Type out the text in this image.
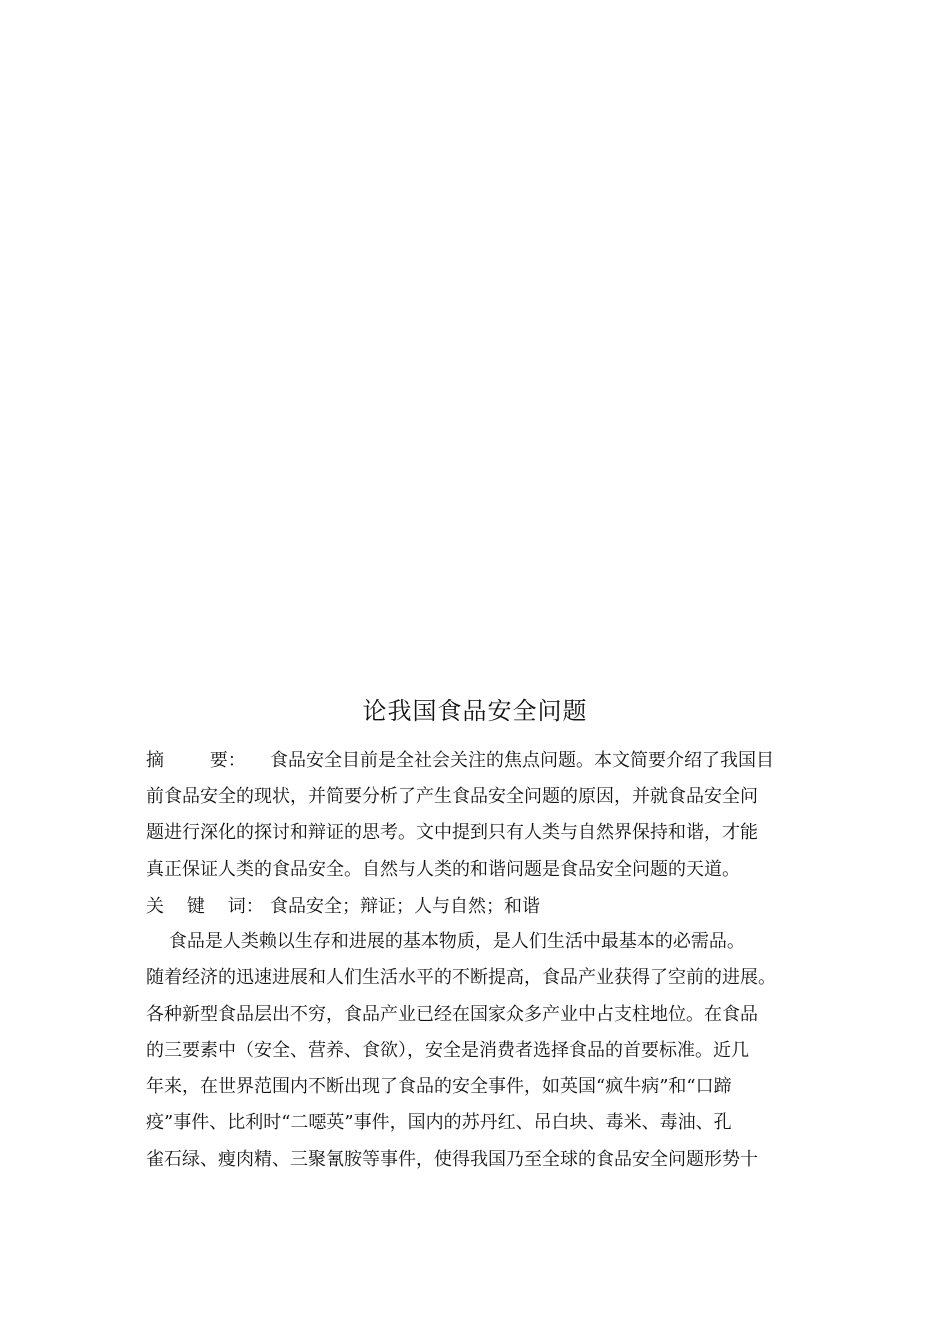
论我国食品安全问题
摘        要： 食品安全目前是全社会关注的焦点问题。本文简要介绍了我国目
前食品安全的现状，并简要分析了产生食品安全问题的原因，并就食品安全问
题进行深化的探讨和辩证的思考。文中提到只有人类与自然界保持和谐，才能
真正保证人类的食品安全。自然与人类的和谐问题是食品安全问题的天道。
关    键    词： 食品安全；辩证；人与自然；和谐
食品是人类赖以生存和进展的基本物质，是人们生活中最基本的必需品。
随着经济的迅速进展和人们生活水平的不断提高，食品产业获得了空前的进展。
各种新型食品层出不穷，食品产业已经在国家众多产业中占支柱地位。在食品
的三要素中（安全、营养、食欲），安全是消费者选择食品的首要标准。近几
年来，在世界范围内不断出现了食品的安全事件，如英国“疯牛病”和“口蹄
疫”事件、比利时“二噁英”事件，国内的苏丹红、吊白块、毒米、毒油、孔
雀石绿、瘦肉精、三聚氰胺等事件，使得我国乃至全球的食品安全问题形势十
